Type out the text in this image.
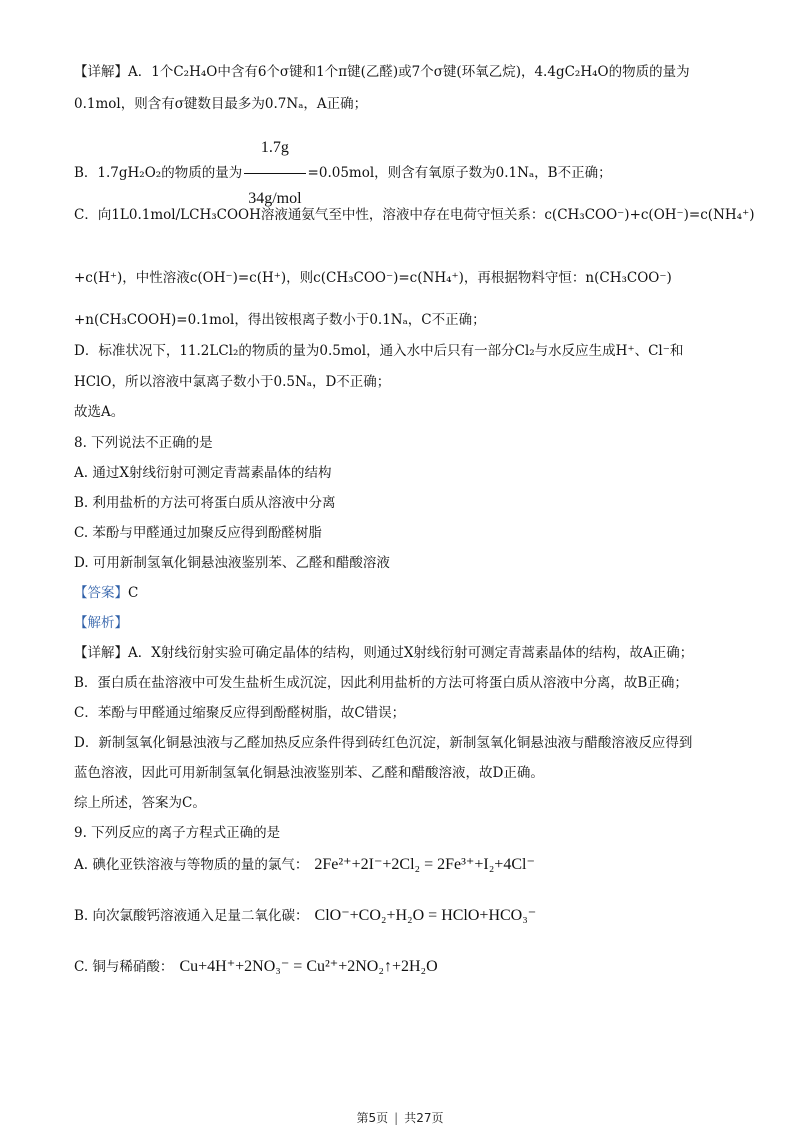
【详解】A．1个C₂H₄O中含有6个σ键和1个π键(乙醛)或7个σ键(环氧乙烷)，4.4gC₂H₄O的物质的量为
0.1mol，则含有σ键数目最多为0.7Nₐ，A正确；
B．1.7gH₂O₂的物质的量为 $\frac{1.7g}{\text{34g/mol}} =0.05mol$，则含有氧原子数为0.1Nₐ，B不正确；
C．向1L0.1mol/LCH₃COOH溶液通氨气至中性，溶液中存在电荷守恒关系：c(CH₃COO⁻)+c(OH⁻)=c(NH₄⁺)
+c(H⁺)，中性溶液c(OH⁻)=c(H⁺)，则c(CH₃COO⁻)=c(NH₄⁺)，再根据物料守恒：n(CH₃COO⁻)
+n(CH₃COOH)=0.1mol，得出铵根离子数小于0.1Nₐ，C不正确；
D．标准状况下，11.2LCl₂的物质的量为0.5mol，通入水中后只有一部分Cl₂与水反应生成H⁺、Cl⁻和
HClO，所以溶液中氯离子数小于0.5Nₐ，D不正确；
故选A。
8. 下列说法不正确的是
A. 通过X射线衍射可测定青蒿素晶体的结构
B. 利用盐析的方法可将蛋白质从溶液中分离
C. 苯酚与甲醛通过加聚反应得到酚醛树脂
D. 可用新制氢氧化铜悬浊液鉴别苯、乙醛和醋酸溶液
【答案】C
【解析】
【详解】A．X射线衍射实验可确定晶体的结构，则通过X射线衍射可测定青蒿素晶体的结构，故A正确；
B．蛋白质在盐溶液中可发生盐析生成沉淀，因此利用盐析的方法可将蛋白质从溶液中分离，故B正确；
C．苯酚与甲醛通过缩聚反应得到酚醛树脂，故C错误；
D．新制氢氧化铜悬浊液与乙醛加热反应条件得到砖红色沉淀，新制氢氧化铜悬浊液与醋酸溶液反应得到
蓝色溶液，因此可用新制氢氧化铜悬浊液鉴别苯、乙醛和醋酸溶液，故D正确。
综上所述，答案为C。
9. 下列反应的离子方程式正确的是
A. 碘化亚铁溶液与等物质的量的氯气： 2Fe²⁺+2I⁻+2Cl₂ = 2Fe³⁺+I₂+4Cl⁻
B. 向次氯酸钙溶液通入足量二氧化碳： ClO⁻+CO₂+H₂O = HClO+HCO₃⁻
C. 铜与稀硝酸： Cu+4H⁺+2NO₃⁻ = Cu²⁺+2NO₂↑+2H₂O
第5页 | 共27页
